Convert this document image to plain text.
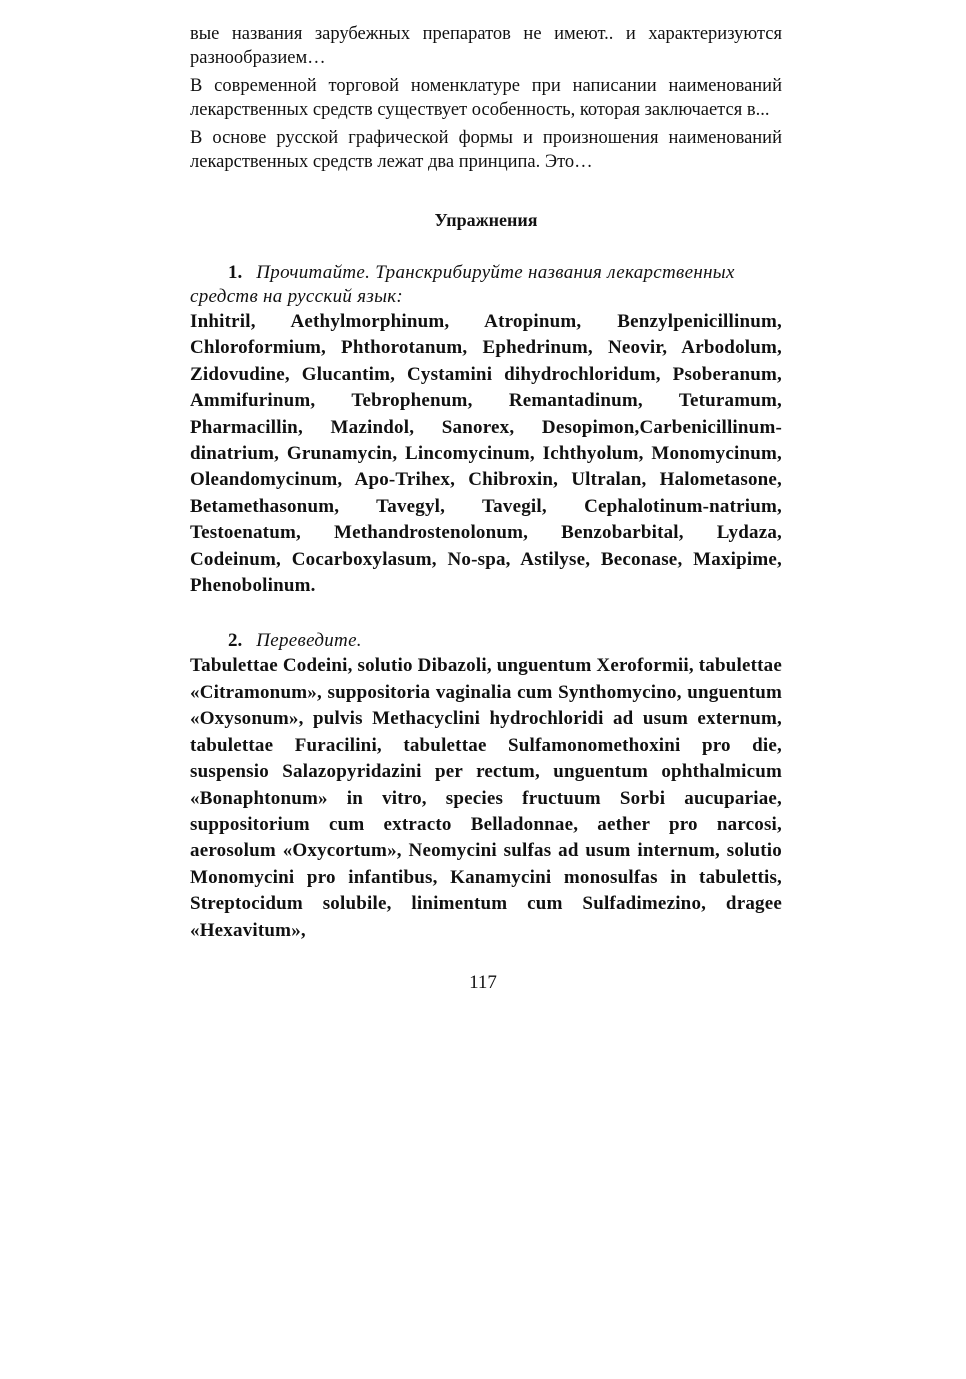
вые названия зарубежных препаратов не имеют.. и характеризуются разнообразием…

В современной торговой номенклатуре при написании наименований лекарственных средств существует особенность, которая заключается в...

В основе русской графической формы и произношения наименований лекарственных средств лежат два принципа. Это…

Упражнения

1. Прочитайте. Транскрибируйте названия лекарственных средств на русский язык:

Inhitril, Aethylmorphinum, Atropinum, Benzylpenicillinum, Chloroformium, Phthorotanum, Ephedrinum, Neovir, Arbodolum, Zidovudine, Glucantim, Cystamini dihydrochloridum, Psoberanum, Ammifurinum, Tebrophenum, Remantadinum, Teturamum, Pharmacillin, Mazindol, Sanorex, Desopimon,Carbenicillinum-dinatrium, Grunamycin, Lincomycinum, Ichthyolum, Monomycinum, Oleandomycinum, Apo-Trihex, Chibroxin, Ultralan, Halometasone, Betamethasonum, Tavegyl, Tavegil, Cephalotinum-natrium, Testoenatum, Methandrostenolonum, Benzobarbital, Lydaza, Codeinum, Cocarboxylasum, No-spa, Astilyse, Beconase, Maxipime, Phenobolinum.

2. Переведите.

Tabulettae Codeini, solutio Dibazoli, unguentum Xeroformii, tabulettae «Citramonum», suppositoria vaginalia cum Synthomycino, unguentum «Oxysonum», pulvis Methacyclini hydrochloridi ad usum externum, tabulettae Furacilini, tabulettae Sulfamonomethoxini pro die, suspensio Salazopyridazini per rectum, unguentum ophthalmicum «Bonaphtonum» in vitro, species fructuum Sorbi aucupariae, suppositorium cum extracto Belladonnae, aether pro narcosi, aerosolum «Oxycortum», Neomycini sulfas ad usum internum, solutio Monomycini pro infantibus, Kanamycini monosulfas in tabulettis, Streptocidum solubile, linimentum cum Sulfadimezino, dragee «Hexavitum»,

117
